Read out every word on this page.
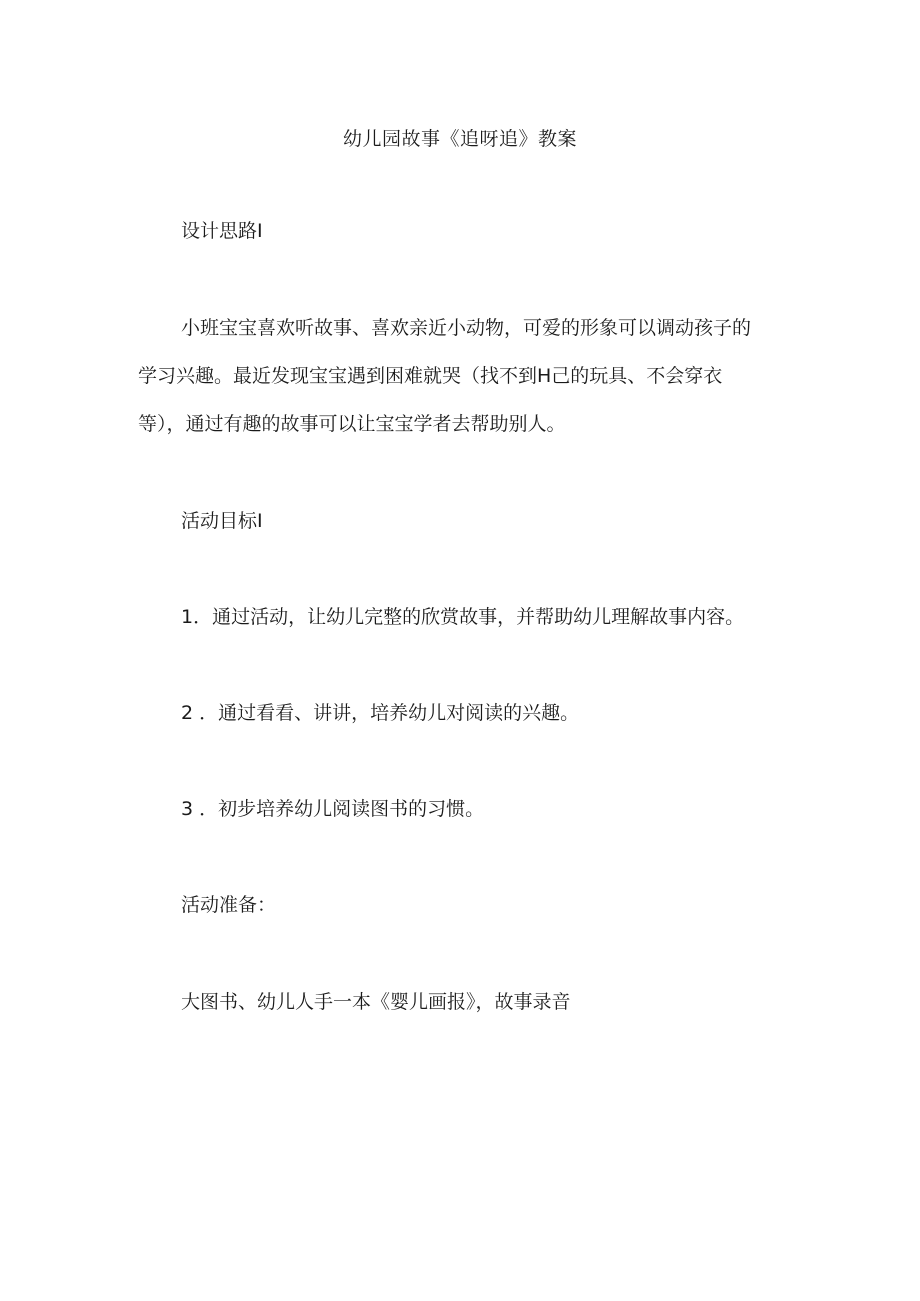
幼儿园故事《追呀追》教案
设计思路I
小班宝宝喜欢听故事、喜欢亲近小动物，可爱的形象可以调动孩子的
学习兴趣。最近发现宝宝遇到困难就哭（找不到H己的玩具、不会穿衣
等），通过有趣的故事可以让宝宝学者去帮助别人。
活动目标I
1．通过活动，让幼儿完整的欣赏故事，并帮助幼儿理解故事内容。
2 ．通过看看、讲讲，培养幼儿对阅读的兴趣。
3 ．初步培养幼儿阅读图书的习惯。
活动准备：
大图书、幼儿人手一本《婴儿画报》，故事录音
